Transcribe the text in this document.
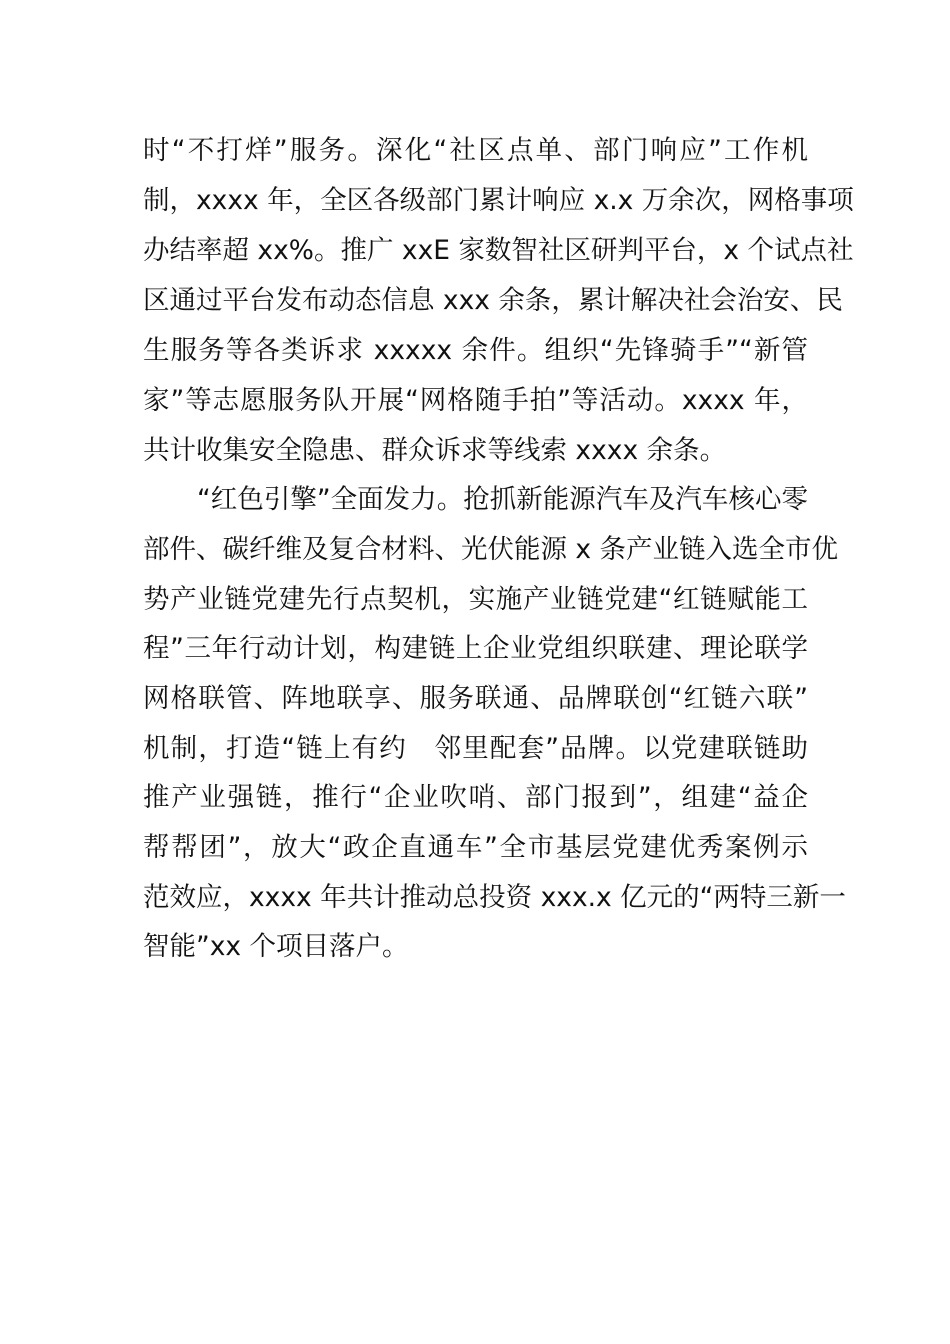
时“不打烊”服务。深化“社区点单、部门响应”工作机
制，xxxx 年，全区各级部门累计响应 x.x 万余次，网格事项
办结率超 xx%。推广 xxE 家数智社区研判平台，x 个试点社
区通过平台发布动态信息 xxx 余条，累计解决社会治安、民
生服务等各类诉求 xxxxx 余件。组织“先锋骑手”“新管
家”等志愿服务队开展“网格随手拍”等活动。xxxx 年，
共计收集安全隐患、群众诉求等线索 xxxx 余条。
“红色引擎”全面发力。抢抓新能源汽车及汽车核心零
部件、碳纤维及复合材料、光伏能源 x 条产业链入选全市优
势产业链党建先行点契机，实施产业链党建“红链赋能工
程”三年行动计划，构建链上企业党组织联建、理论联学
网格联管、阵地联享、服务联通、品牌联创“红链六联”
机制，打造“链上有约　邻里配套”品牌。以党建联链助
推产业强链，推行“企业吹哨、部门报到”，组建“益企
帮帮团”，放大“政企直通车”全市基层党建优秀案例示
范效应，xxxx 年共计推动总投资 xxx.x 亿元的“两特三新一
智能”xx 个项目落户。
